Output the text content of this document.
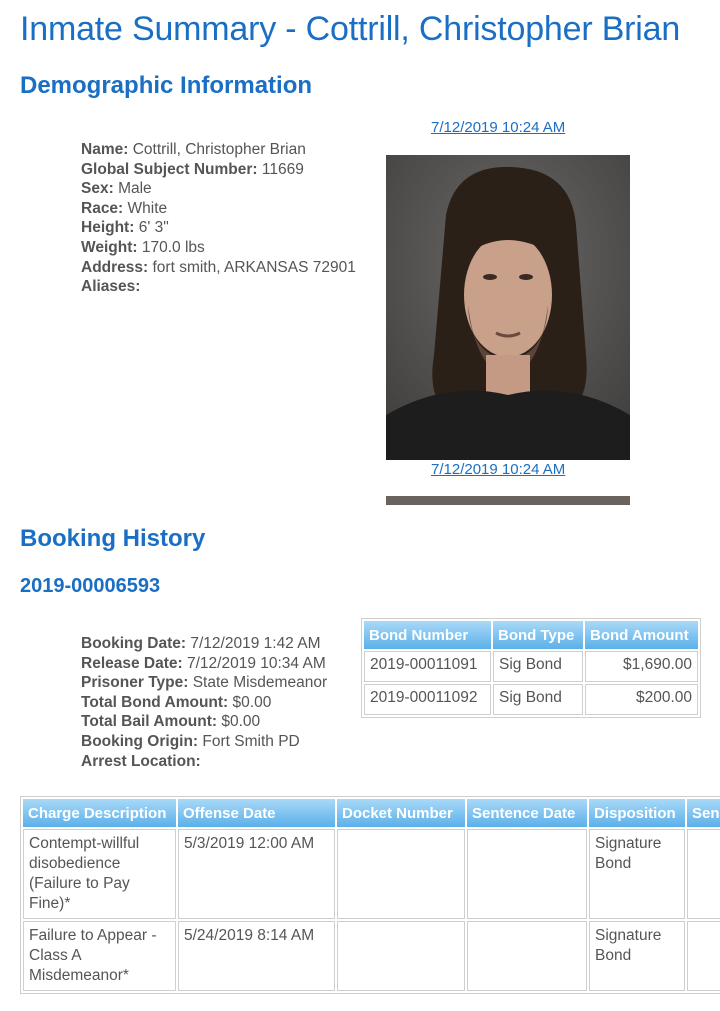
Inmate Summary - Cottrill, Christopher Brian
Demographic Information
Name: Cottrill, Christopher Brian
Global Subject Number: 11669
Sex: Male
Race: White
Height: 6' 3"
Weight: 170.0 lbs
Address: fort smith, ARKANSAS 72901
Aliases:
7/12/2019 10:24 AM
7/12/2019 10:24 AM
Booking History
2019-00006593
Booking Date: 7/12/2019 1:42 AM
Release Date: 7/12/2019 10:34 AM
Prisoner Type: State Misdemeanor
Total Bond Amount: $0.00
Total Bail Amount: $0.00
Booking Origin: Fort Smith PD
Arrest Location:
Bond Number	Bond Type	Bond Amount
2019-00011091	Sig Bond	$1,690.00
2019-00011092	Sig Bond	$200.00
Charge Description	Offense Date	Docket Number	Sentence Date	Disposition	Sen
Contempt-willful disobedience (Failure to Pay Fine)*	5/3/2019 12:00 AM			Signature Bond	
Failure to Appear - Class A Misdemeanor*	5/24/2019 8:14 AM			Signature Bond	
